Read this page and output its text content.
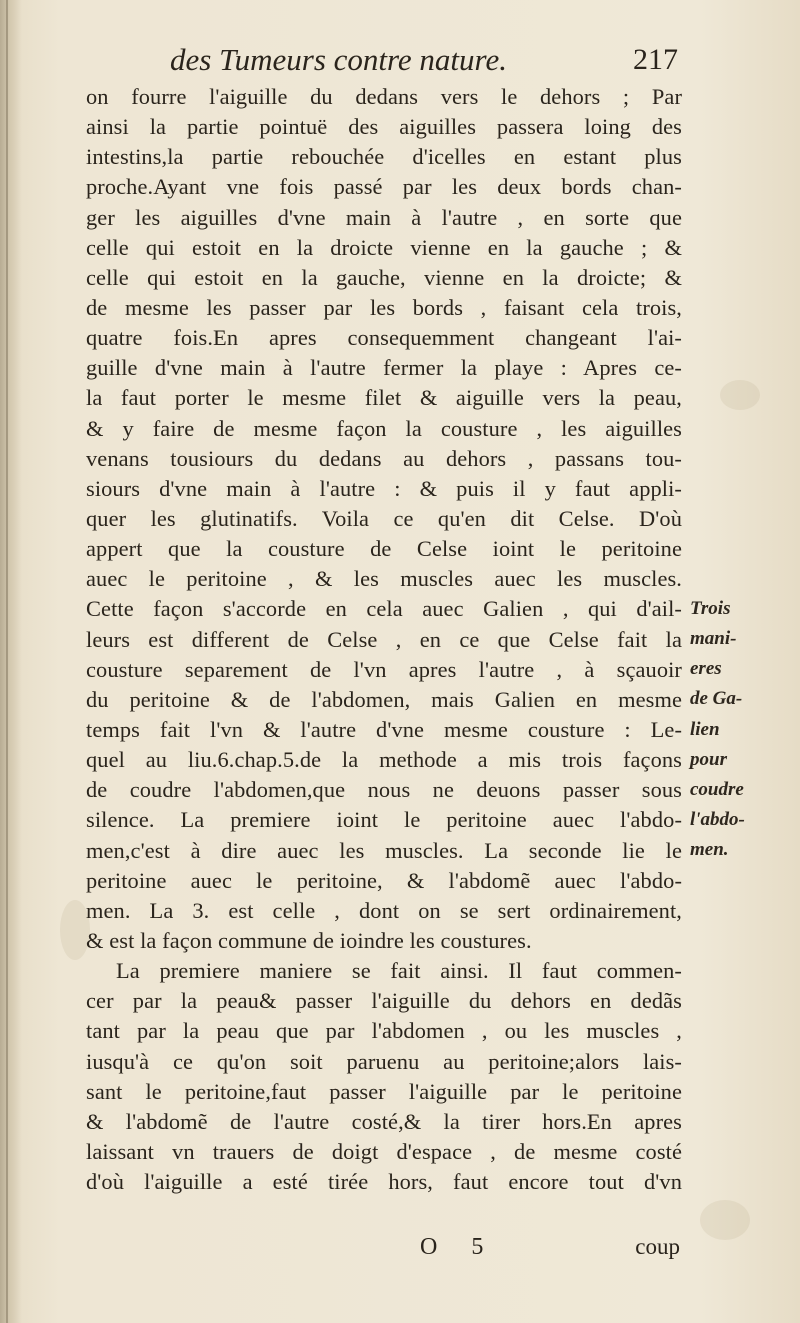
des Tumeurs contre nature.	217
on fourre l'aiguille du dedans vers le dehors ; Par
ainsi la partie pointuë des aiguilles passera loing des
intestins,la partie rebouchée d'icelles en estant plus
proche.Ayant vne fois passé par les deux bords chan-
ger les aiguilles d'vne main à l'autre , en sorte que
celle qui estoit en la droicte vienne en la gauche ; &
celle qui estoit en la gauche, vienne en la droicte; &
de mesme les passer par les bords , faisant cela trois,
quatre fois.En apres consequemment changeant l'ai-
guille d'vne main à l'autre fermer la playe : Apres ce-
la faut porter le mesme filet & aiguille vers la peau,
& y faire de mesme façon la cousture , les aiguilles
venans tousiours du dedans au dehors , passans tou-
siours d'vne main à l'autre : & puis il y faut appli-
quer les glutinatifs. Voila ce qu'en dit Celse. D'où
appert que la cousture de Celse ioint le peritoine
auec le peritoine , & les muscles auec les muscles.
Cette façon s'accorde en cela auec Galien , qui d'ail-
leurs est different de Celse , en ce que Celse fait la
cousture separement de l'vn apres l'autre , à sçauoir
du peritoine & de l'abdomen, mais Galien en mesme
temps fait l'vn & l'autre d'vne mesme cousture : Le-
quel au liu.6.chap.5.de la methode a mis trois façons
de coudre l'abdomen,que nous ne deuons passer sous
silence. La premiere ioint le peritoine auec l'abdo-
men,c'est à dire auec les muscles. La seconde lie le
peritoine auec le peritoine, & l'abdomẽ auec l'abdo-
men. La 3. est celle , dont on se sert ordinairement,
& est la façon commune de ioindre les coustures.
La premiere maniere se fait ainsi. Il faut commen-
cer par la peau& passer l'aiguille du dehors en dedãs
tant par la peau que par l'abdomen , ou les muscles ,
iusqu'à ce qu'on soit paruenu au peritoine;alors lais-
sant le peritoine,faut passer l'aiguille par le peritoine
& l'abdomẽ de l'autre costé,& la tirer hors.En apres
laissant vn trauers de doigt d'espace , de mesme costé
d'où l'aiguille a esté tirée hors, faut encore tout d'vn
Trois
mani-
eres
de Ga-
lien
pour
coudre
l'abdo-
men.
O 5	coup
